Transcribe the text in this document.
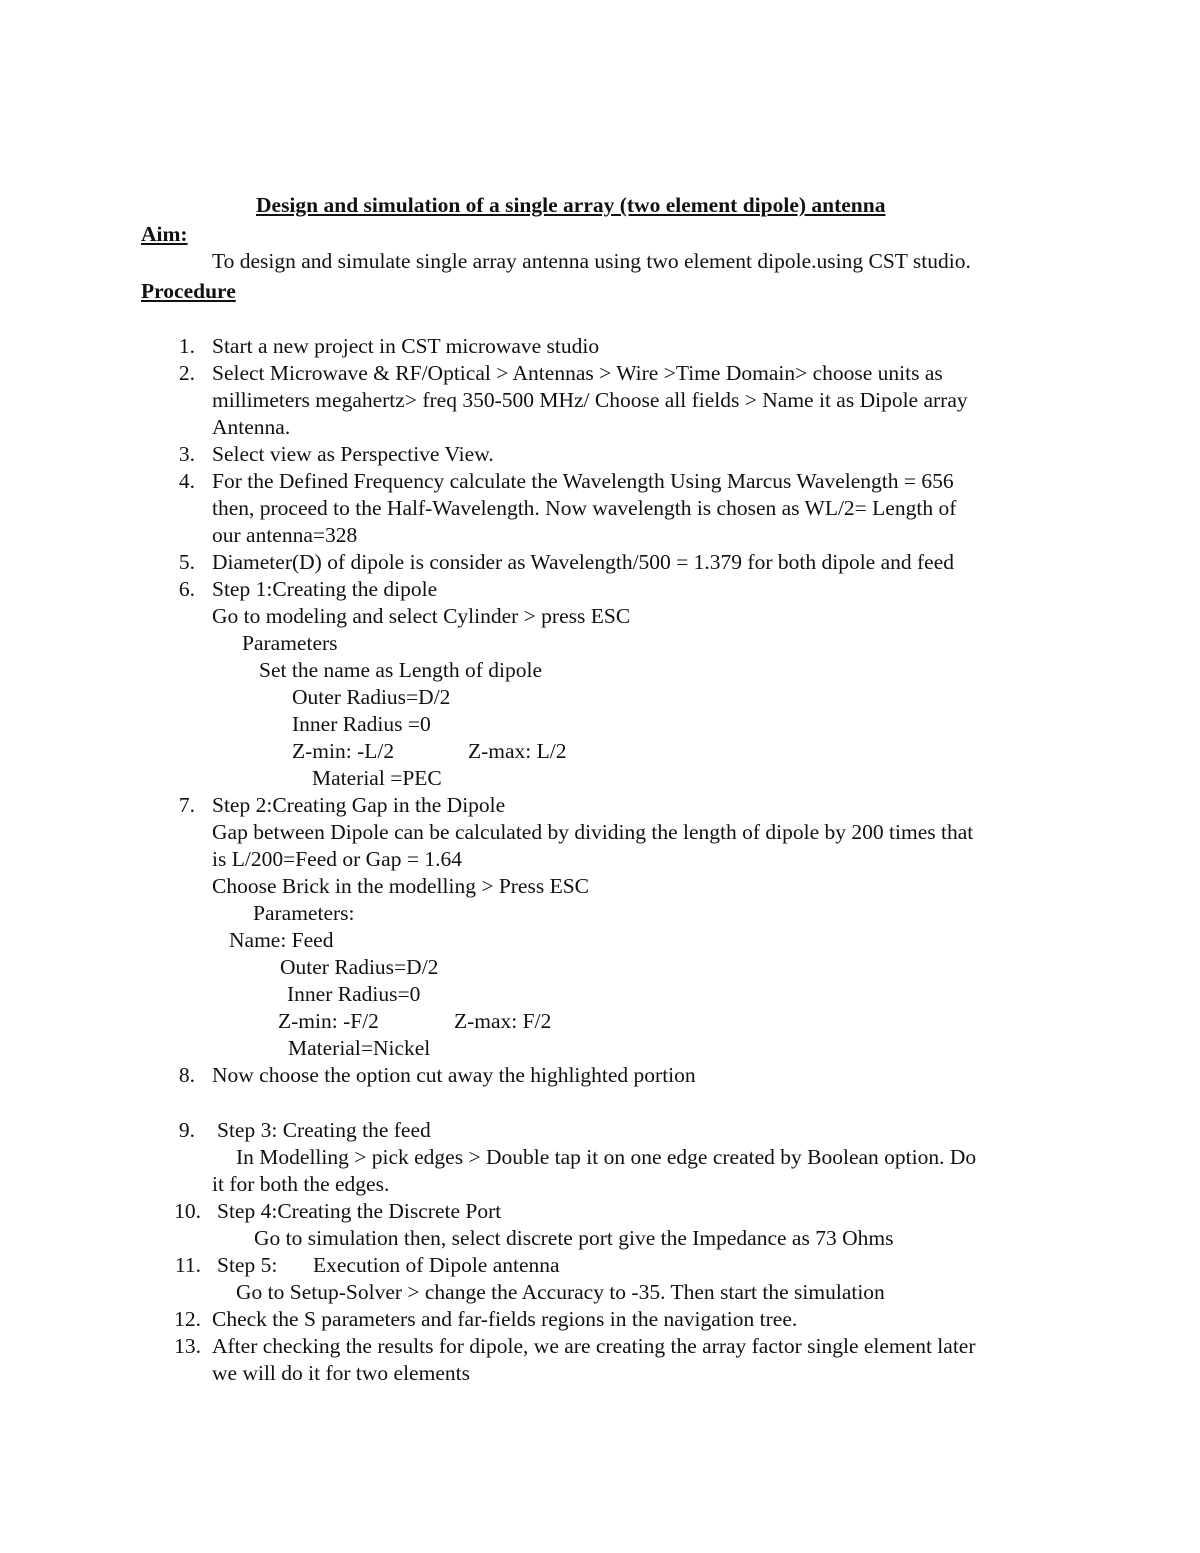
Design and simulation of a single array (two element dipole) antenna
Aim:
To design and simulate single array antenna using two element dipole.using CST studio.
Procedure
1. Start a new project in CST microwave studio
2. Select Microwave & RF/Optical > Antennas > Wire >Time Domain> choose units as
millimeters megahertz> freq 350-500 MHz/ Choose all fields > Name it as Dipole array
Antenna.
3. Select view as Perspective View.
4. For the Defined Frequency calculate the Wavelength Using Marcus Wavelength = 656
then, proceed to the Half-Wavelength. Now wavelength is chosen as WL/2= Length of
our antenna=328
5. Diameter(D) of dipole is consider as Wavelength/500 = 1.379 for both dipole and feed
6. Step 1:Creating the dipole
Go to modeling and select Cylinder > press ESC
Parameters
Set the name as Length of dipole
Outer Radius=D/2
Inner Radius =0
Z-min: -L/2	Z-max: L/2
Material =PEC
7. Step 2:Creating Gap in the Dipole
Gap between Dipole can be calculated by dividing the length of dipole by 200 times that
is L/200=Feed or Gap = 1.64
Choose Brick in the modelling > Press ESC
Parameters:
Name: Feed
Outer Radius=D/2
Inner Radius=0
Z-min: -F/2	Z-max: F/2
Material=Nickel
8. Now choose the option cut away the highlighted portion
9. Step 3: Creating the feed
In Modelling > pick edges > Double tap it on one edge created by Boolean option. Do
it for both the edges.
10. Step 4:Creating the Discrete Port
Go to simulation then, select discrete port give the Impedance as 73 Ohms
11. Step 5: Execution of Dipole antenna
Go to Setup-Solver > change the Accuracy to -35. Then start the simulation
12. Check the S parameters and far-fields regions in the navigation tree.
13. After checking the results for dipole, we are creating the array factor single element later
we will do it for two elements
